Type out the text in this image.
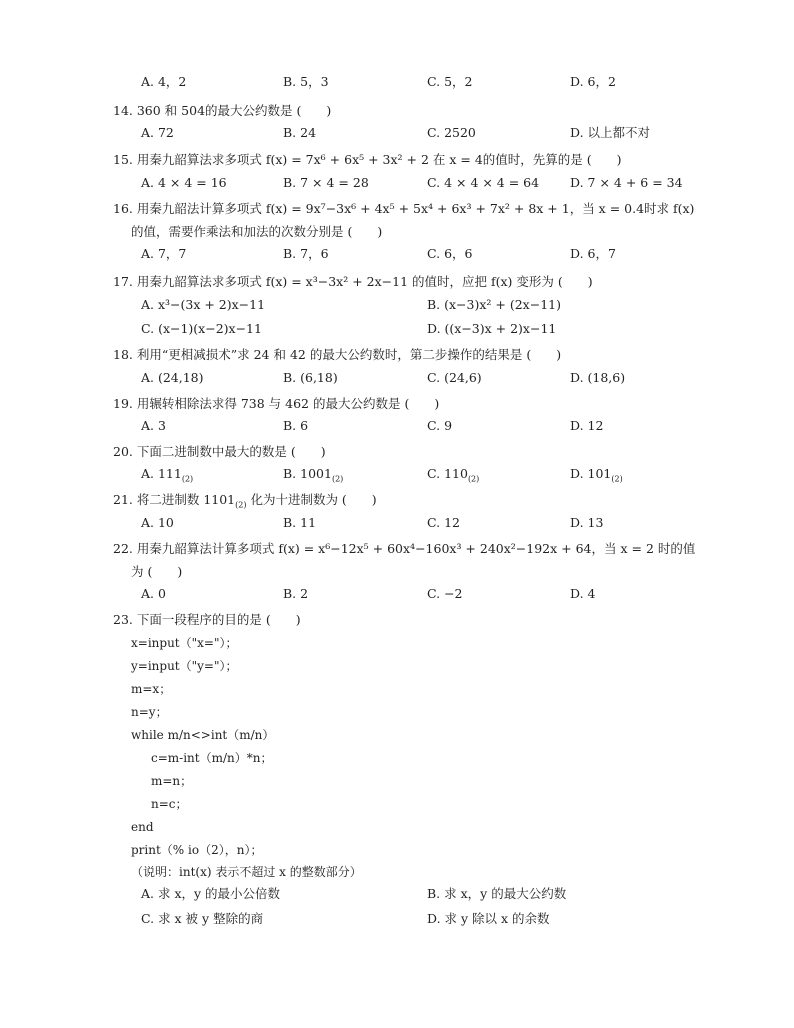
A. 4，2	B. 5，3	C. 5，2	D. 6，2
14. 360 和 504的最大公约数是 (　　)
A. 72	B. 24	C. 2520	D. 以上都不对
15. 用秦九韶算法求多项式 f(x) = 7x⁶ + 6x⁵ + 3x² + 2 在 x = 4的值时，先算的是 (　　)
A. 4 × 4 = 16	B. 7 × 4 = 28	C. 4 × 4 × 4 = 64 D. 7 × 4 + 6 = 34
16. 用秦九韶法计算多项式 f(x) = 9x⁷−3x⁶ + 4x⁵ + 5x⁴ + 6x³ + 7x² + 8x + 1，当 x = 0.4时求 f(x)
的值，需要作乘法和加法的次数分别是 (　　)
A. 7，7	B. 7，6	C. 6，6	D. 6，7
17. 用秦九韶算法求多项式 f(x) = x³−3x² + 2x−11 的值时，应把 f(x) 变形为 (　　)
A. x³−(3x + 2)x−11	B. (x−3)x² + (2x−11)
C. (x−1)(x−2)x−11	D. ((x−3)x + 2)x−11
18. 利用“更相减损术”求 24 和 42 的最大公约数时，第二步操作的结果是 (　　)
A. (24,18)	B. (6,18)	C. (24,6)	D. (18,6)
19. 用辗转相除法求得 738 与 462 的最大公约数是 (　　)
A. 3	B. 6	C. 9	D. 12
20. 下面二进制数中最大的数是 (　　)
A. $111_{(2)}$	B. $1001_{(2)}$	C. $110_{(2)}$	D. $101_{(2)}$
21. 将二进制数 $1101_{(2)}$ 化为十进制数为 (　　)
A. 10	B. 11	C. 12	D. 13
22. 用秦九韶算法计算多项式 f(x) = x⁶−12x⁵ + 60x⁴−160x³ + 240x²−192x + 64，当 x = 2 时的值
为 (　　)
A. 0	B. 2	C. −2	D. 4
23. 下面一段程序的目的是 (　　)
x=input（"x="）；
y=input（"y="）；
m=x；
n=y；
while m/n<>int（m/n）
c=m-int（m/n）*n；
m=n；
n=c；
end
print（% io（2），n）；
（说明：int(x) 表示不超过 x 的整数部分）
A. 求 x，y 的最小公倍数	B. 求 x，y 的最大公约数
C. 求 x 被 y 整除的商	D. 求 y 除以 x 的余数
